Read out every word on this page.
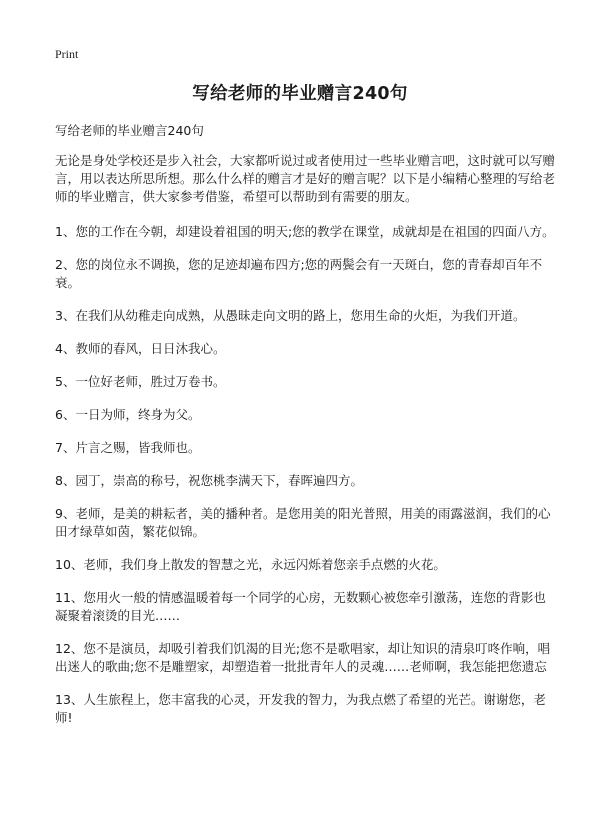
Print
写给老师的毕业赠言240句

写给老师的毕业赠言240句

无论是身处学校还是步入社会，大家都听说过或者使用过一些毕业赠言吧，这时就可以写赠言，用以表达所思所想。那么什么样的赠言才是好的赠言呢？以下是小编精心整理的写给老师的毕业赠言，供大家参考借鉴，希望可以帮助到有需要的朋友。

1、您的工作在今朝，却建设着祖国的明天;您的教学在课堂，成就却是在祖国的四面八方。

2、您的岗位永不调换，您的足迹却遍布四方;您的两鬓会有一天斑白，您的青春却百年不衰。

3、在我们从幼稚走向成熟，从愚昧走向文明的路上，您用生命的火炬，为我们开道。

4、教师的春风，日日沐我心。

5、一位好老师，胜过万卷书。

6、一日为师，终身为父。

7、片言之赐，皆我师也。

8、园丁，崇高的称号，祝您桃李满天下，春晖遍四方。

9、老师，是美的耕耘者，美的播种者。是您用美的阳光普照，用美的雨露滋润，我们的心田才绿草如茵，繁花似锦。

10、老师，我们身上散发的智慧之光，永远闪烁着您亲手点燃的火花。

11、您用火一般的情感温暖着每一个同学的心房，无数颗心被您牵引激荡，连您的背影也凝聚着滚烫的目光……

12、您不是演员，却吸引着我们饥渴的目光;您不是歌唱家，却让知识的清泉叮咚作响，唱出迷人的歌曲;您不是雕塑家，却塑造着一批批青年人的灵魂……老师啊，我怎能把您遗忘

13、人生旅程上，您丰富我的心灵，开发我的智力，为我点燃了希望的光芒。谢谢您，老师!
